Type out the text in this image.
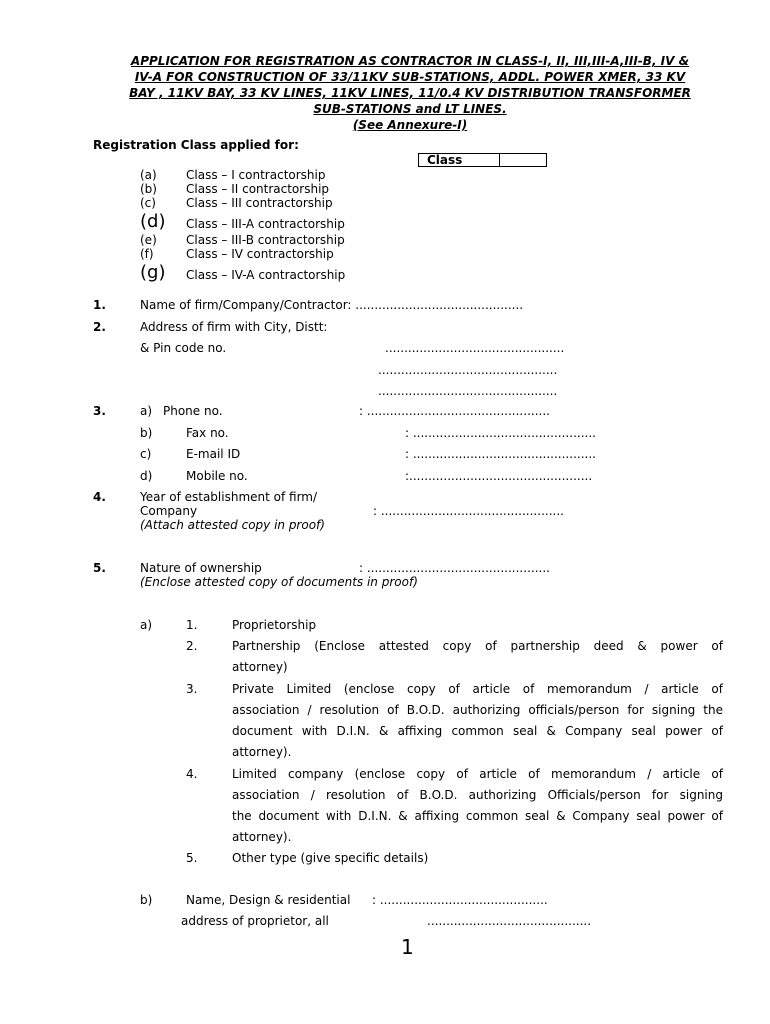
APPLICATION FOR REGISTRATION AS CONTRACTOR IN CLASS-I, II, III,III-A,III-B, IV &
IV-A FOR CONSTRUCTION OF 33/11KV SUB-STATIONS, ADDL. POWER XMER, 33 KV
BAY , 11KV BAY, 33 KV LINES, 11KV LINES, 11/0.4 KV DISTRIBUTION TRANSFORMER
SUB-STATIONS and LT LINES.
(See Annexure-I)
Registration Class applied for:
Class
(a) Class – I contractorship
(b) Class – II contractorship
(c)	Class – III contractorship
(d) Class – III-A contractorship
(e) Class – III-B contractorship
(f)	Class – IV contractorship
(g) Class – IV-A contractorship
1.	Name of firm/Company/Contractor: ............................................
2.	Address of firm with City, Distt:
& Pin code no.	...............................................
...............................................
...............................................
3.	a) Phone no.	: ................................................
b)	Fax no.	: ................................................
c)	E-mail ID	: ................................................
d)	Mobile no.	:................................................
4.	Year of establishment of firm/
Company	: ................................................
(Attach attested copy in proof)
5.	Nature of ownership	: ................................................
(Enclose attested copy of documents in proof)
a)	1.	Proprietorship
2.	Partnership (Enclose attested copy of partnership deed & power of
attorney)
3.	Private Limited (enclose copy of article of memorandum / article of
association / resolution of B.O.D. authorizing officials/person for signing the
document with D.I.N. & affixing common seal & Company seal power of
attorney).
4.	Limited company (enclose copy of article of memorandum / article of
association / resolution of B.O.D. authorizing Officials/person for signing
the document with D.I.N. & affixing common seal & Company seal power of
attorney).
5.	Other type (give specific details)
b)	Name, Design & residential : ............................................
address of proprietor, all	...........................................
1
